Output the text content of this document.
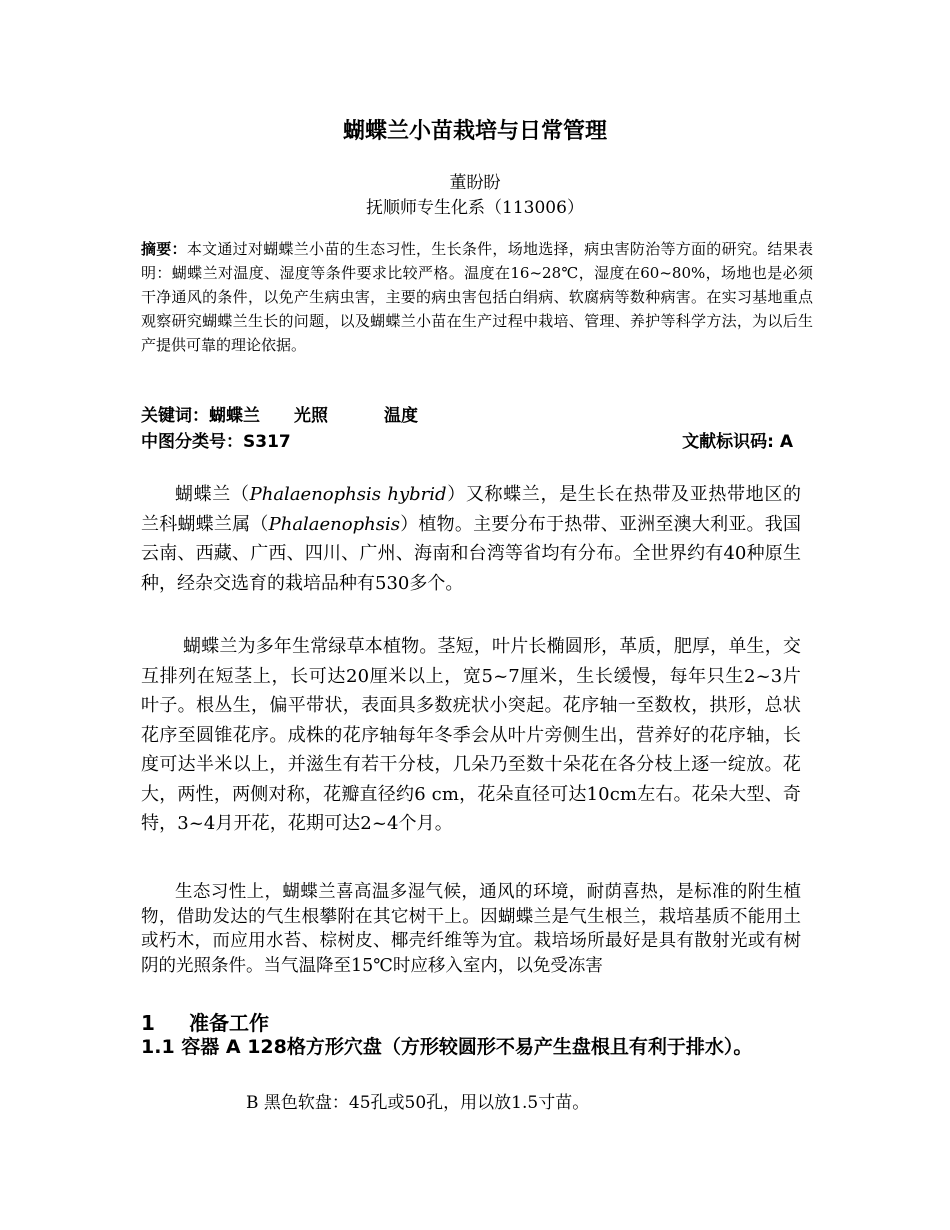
蝴蝶兰小苗栽培与日常管理
董盼盼
抚顺师专生化系（113006）
摘要：本文通过对蝴蝶兰小苗的生态习性，生长条件，场地选择，病虫害防治等方面的研究。结果表明：蝴蝶兰对温度、湿度等条件要求比较严格。温度在16~28℃，湿度在60~80%，场地也是必须干净通风的条件，以免产生病虫害，主要的病虫害包括白绢病、软腐病等数种病害。在实习基地重点观察研究蝴蝶兰生长的问题，以及蝴蝶兰小苗在生产过程中栽培、管理、养护等科学方法，为以后生产提供可靠的理论依据。
关键词：蝴蝶兰 光照	温度
中图分类号：S317	文献标识码: A
蝴蝶兰（Phalaenophsis hybrid）又称蝶兰，是生长在热带及亚热带地区的兰科蝴蝶兰属（Phalaenophsis）植物。主要分布于热带、亚洲至澳大利亚。我国云南、西藏、广西、四川、广州、海南和台湾等省均有分布。全世界约有40种原生种，经杂交选育的栽培品种有530多个。
蝴蝶兰为多年生常绿草本植物。茎短，叶片长椭圆形，革质，肥厚，单生，交互排列在短茎上，长可达20厘米以上，宽5~7厘米，生长缓慢，每年只生2~3片叶子。根丛生，偏平带状，表面具多数疣状小突起。花序轴一至数枚，拱形，总状花序至圆锥花序。成株的花序轴每年冬季会从叶片旁侧生出，营养好的花序轴，长度可达半米以上，并滋生有若干分枝，几朵乃至数十朵花在各分枝上逐一绽放。花大，两性，两侧对称，花瓣直径约6 cm，花朵直径可达10cm左右。花朵大型、奇特，3~4月开花，花期可达2~4个月。
生态习性上，蝴蝶兰喜高温多湿气候，通风的环境，耐荫喜热，是标准的附生植物，借助发达的气生根攀附在其它树干上。因蝴蝶兰是气生根兰，栽培基质不能用土或朽木，而应用水苔、棕树皮、椰壳纤维等为宜。栽培场所最好是具有散射光或有树阴的光照条件。当气温降至15℃时应移入室内，以免受冻害
1 准备工作
1.1 容器 A 128格方形穴盘（方形较圆形不易产生盘根且有利于排水）。
B 黑色软盘：45孔或50孔，用以放1.5寸苗。
